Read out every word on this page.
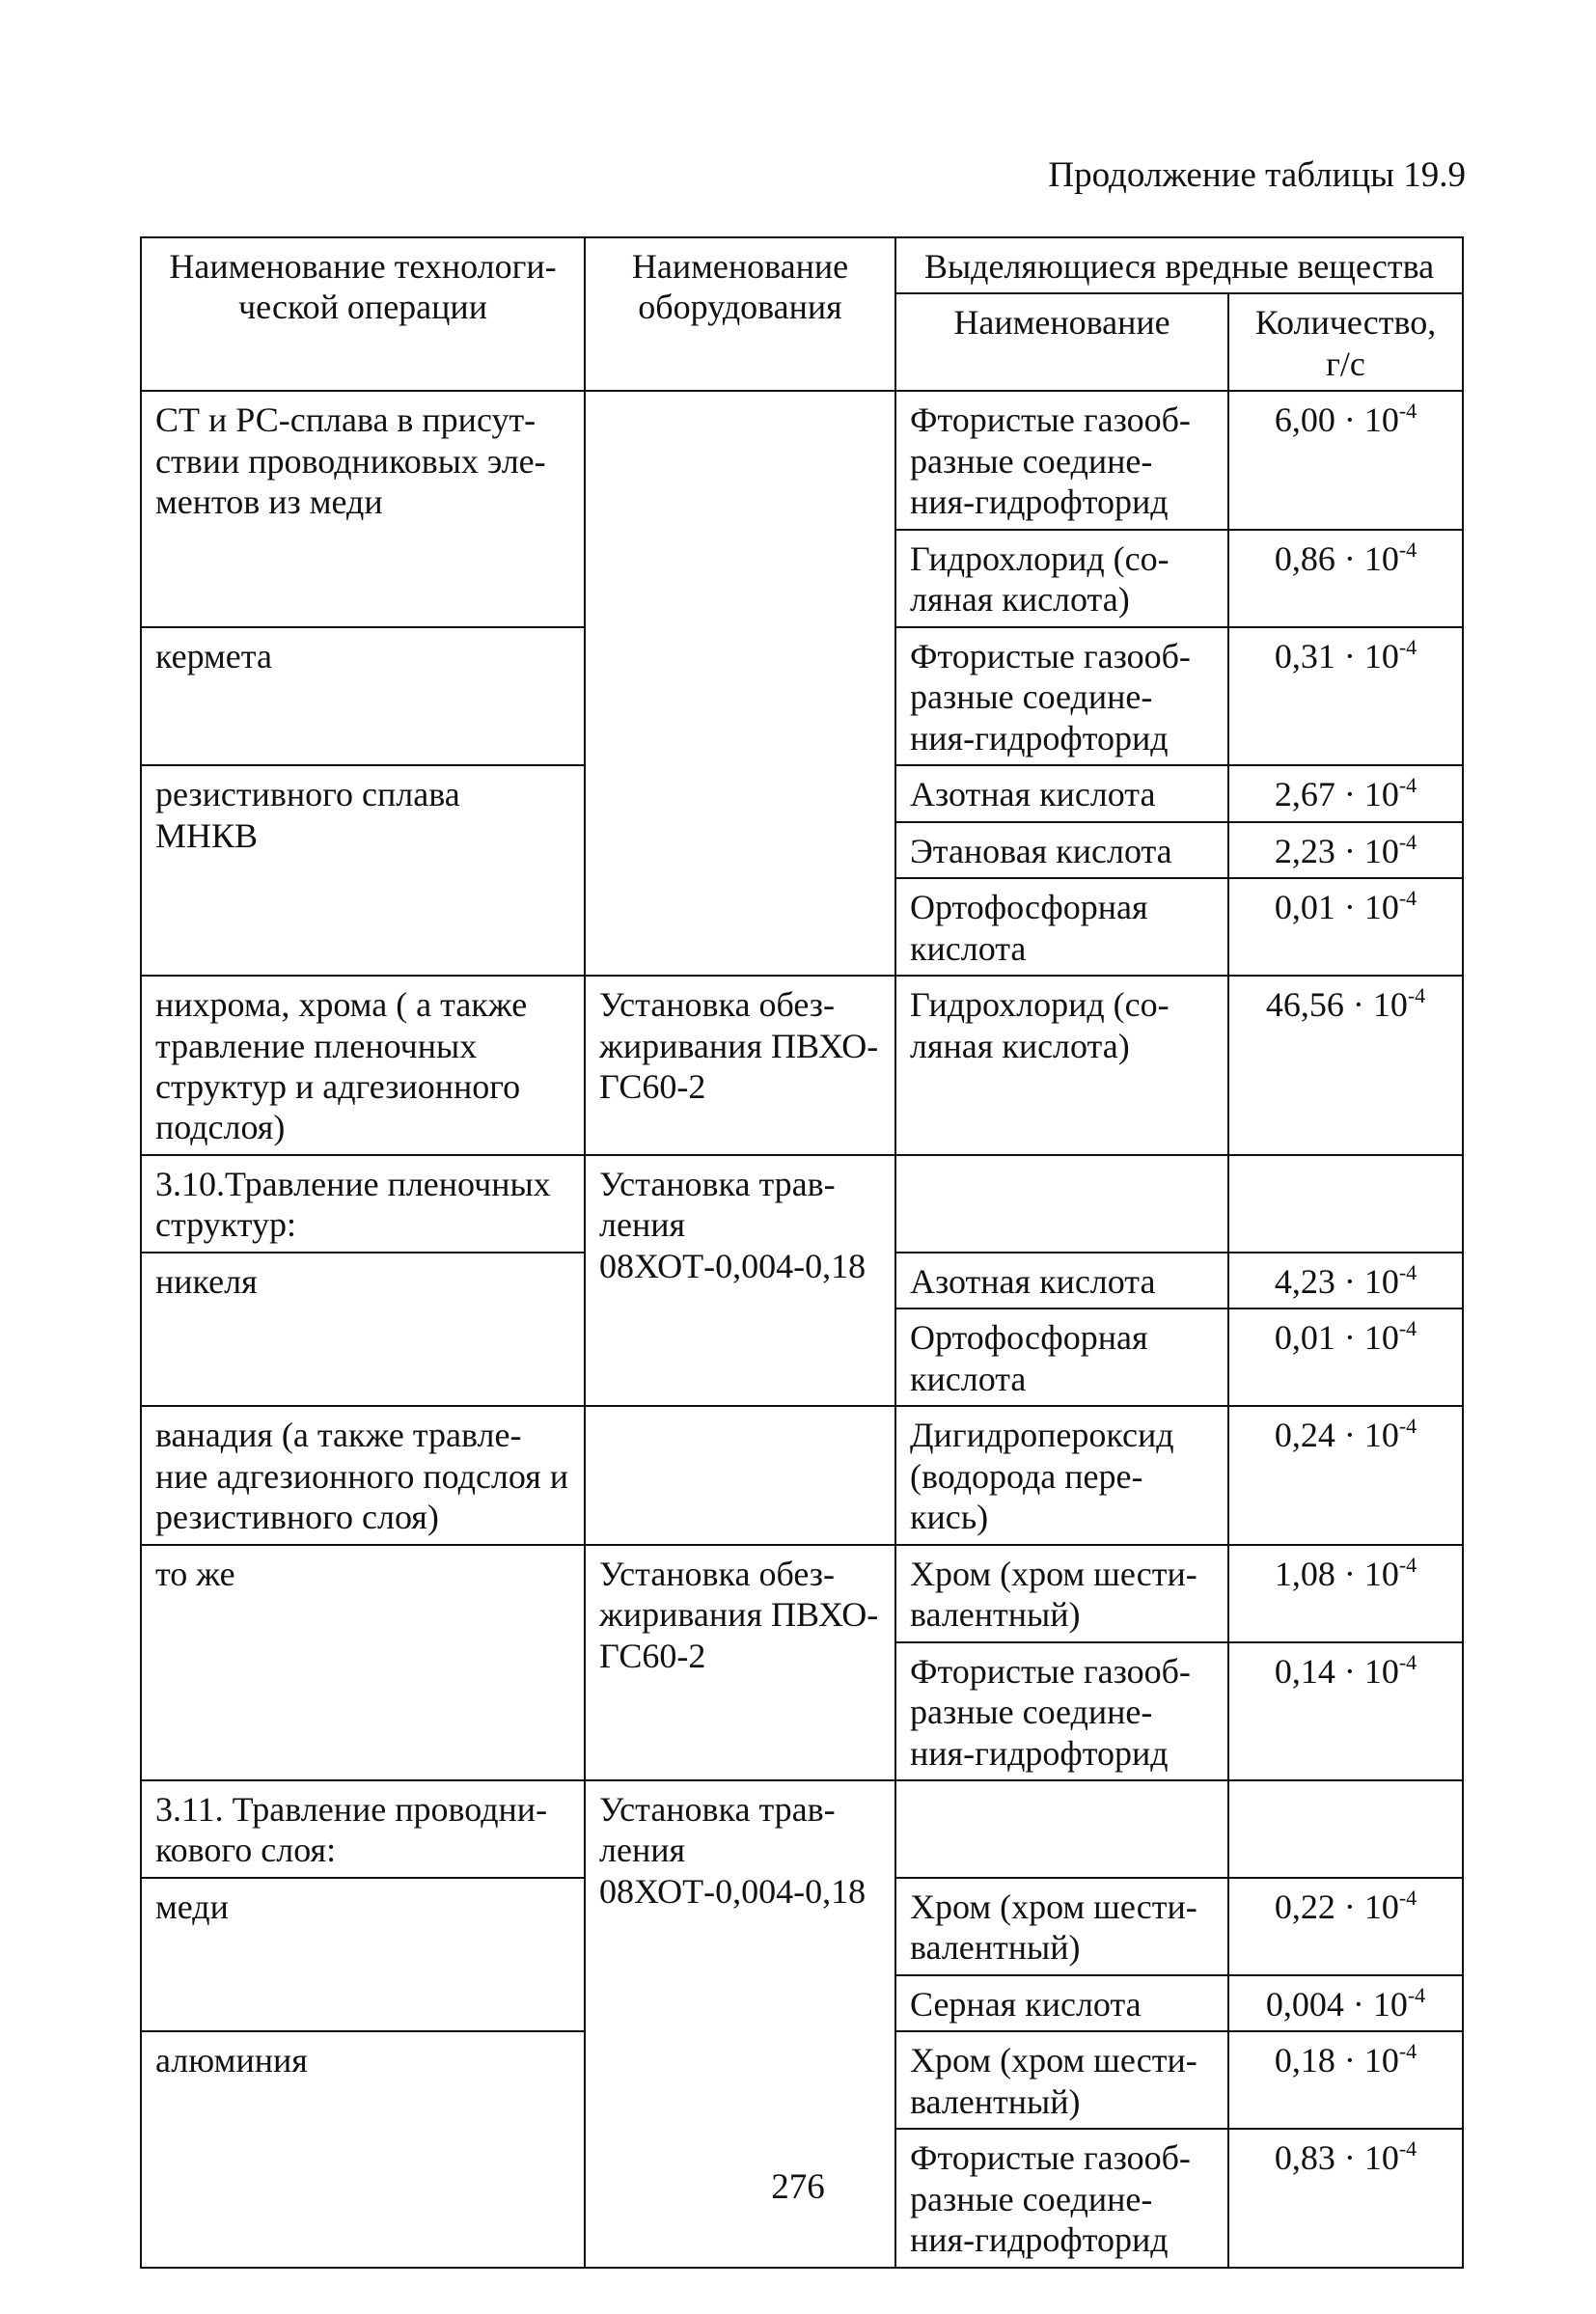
Продолжение таблицы 19.9
Наименование технологи-ческой операции	Наименование оборудования	Выделяющиеся вредные вещества	
		Наименование	Количество, г/с
СТ и РС-сплава в присут-ствии проводниковых эле-ментов из меди		Фтористые газооб-разные соедине-ния-гидрофторид	$6,00 \cdot 10^{-4}$
		Гидрохлорид (со-ляная кислота)	$0,86 \cdot 10^{-4}$
кермета		Фтористые газооб-разные соедине-ния-гидрофторид	$0,31 \cdot 10^{-4}$
резистивного сплава МНКВ		Азотная кислота	$2,67 \cdot 10^{-4}$
		Этановая кислота	$2,23 \cdot 10^{-4}$
		Ортофосфорная кислота	$0,01 \cdot 10^{-4}$
нихрома, хрома ( а также травление пленочных структур и адгезионного подслоя)	Установка обез-жиривания ПВХО-ГС60-2	Гидрохлорид (со-ляная кислота)	$46,56 \cdot 10^{-4}$
3.10.Травление пленочных структур:	Установка трав-ления 08ХОТ-0,004-0,18		
никеля		Азотная кислота	$4,23 \cdot 10^{-4}$
		Ортофосфорная кислота	$0,01 \cdot 10^{-4}$
ванадия (а также травле-ние адгезионного подслоя и резистивного слоя)		Дигидропероксид (водорода пере-кись)	$0,24 \cdot 10^{-4}$
то же	Установка обез-жиривания ПВХО-ГС60-2	Хром (хром шести-валентный)	$1,08 \cdot 10^{-4}$
		Фтористые газооб-разные соедине-ния-гидрофторид	$0,14 \cdot 10^{-4}$
3.11. Травление проводни-кового слоя:	Установка трав-ления 08ХОТ-0,004-0,18		
меди		Хром (хром шести-валентный)	$0,22 \cdot 10^{-4}$
		Серная кислота	$0,004 \cdot 10^{-4}$
алюминия		Хром (хром шести-валентный)	$0,18 \cdot 10^{-4}$
		Фтористые газооб-разные соедине-ния-гидрофторид	$0,83 \cdot 10^{-4}$
276
